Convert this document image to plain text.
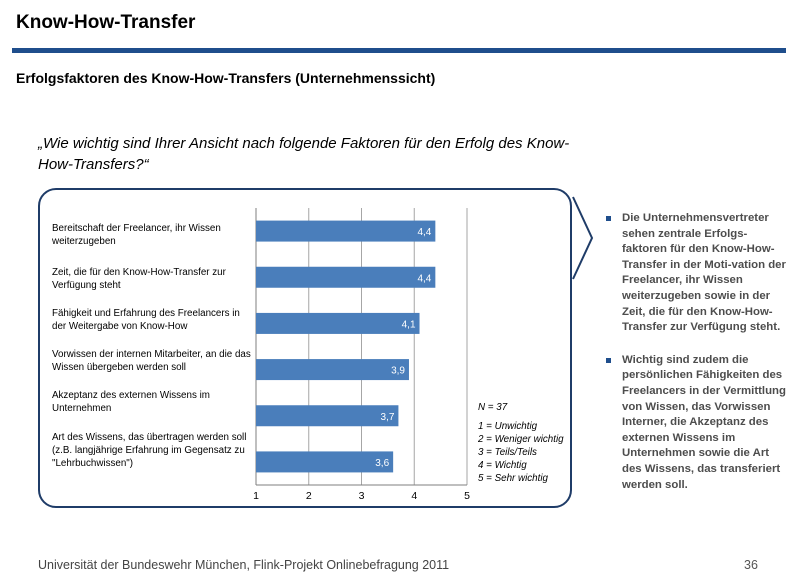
Know-How-Transfer
Erfolgsfaktoren des Know-How-Transfers (Unternehmenssicht)
„Wie wichtig sind Ihrer Ansicht nach folgende Faktoren für den Erfolg des Know-How-Transfers?“
Bereitschaft der Freelancer, ihr Wissen weiterzugeben
Zeit, die für den Know-How-Transfer zur Verfügung steht
Fähigkeit und Erfahrung des Freelancers in der Weitergabe von Know-How
Vorwissen der internen Mitarbeiter, an die das Wissen übergeben werden soll
Akzeptanz des externen Wissens im Unternehmen
Art des Wissens, das übertragen werden soll (z.B. langjährige Erfahrung im Gegensatz zu "Lehrbuchwissen")
1	2	3	4	5
4,4
4,4
4,1
3,9
3,7
3,6
N = 37
1 = Unwichtig
2 = Weniger wichtig
3 = Teils/Teils
4 = Wichtig
5 = Sehr wichtig
Die Unternehmensvertreter sehen zentrale Erfolgs-faktoren für den Know-How-Transfer in der Moti-vation der Freelancer, ihr Wissen weiterzugeben sowie in der Zeit, die für den Know-How-Transfer zur Verfügung steht.
Wichtig sind zudem die persönlichen Fähigkeiten des Freelancers in der Vermittlung von Wissen, das Vorwissen Interner, die Akzeptanz des externen Wissens im Unternehmen sowie die Art des Wissens, das transferiert werden soll.
Universität der Bundeswehr München, Flink-Projekt Onlinebefragung 2011	36
